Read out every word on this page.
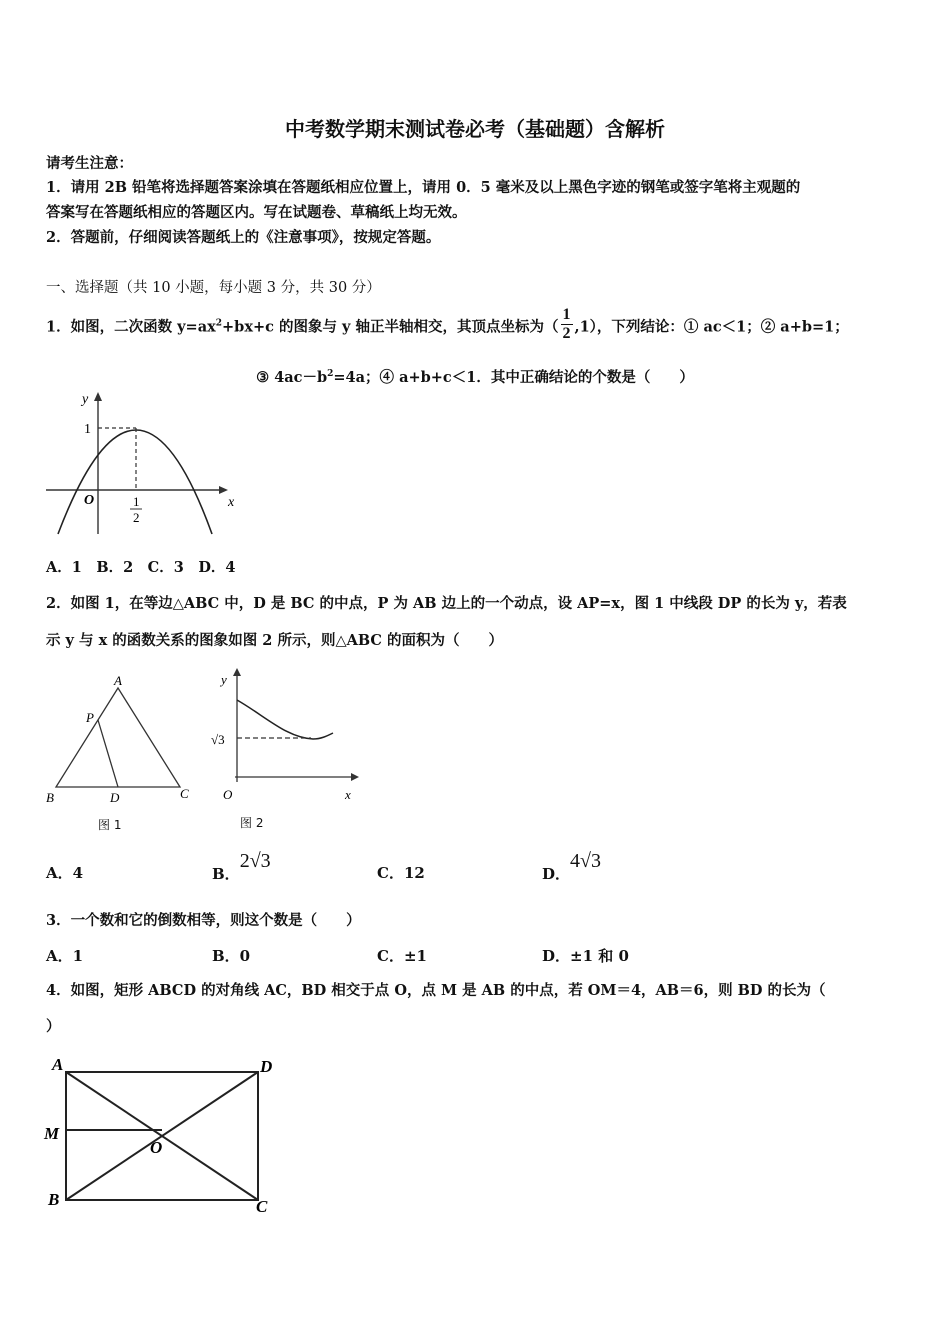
中考数学期末测试卷必考（基础题）含解析
请考生注意：
1．请用 2B 铅笔将选择题答案涂填在答题纸相应位置上，请用 0．5 毫米及以上黑色字迹的钢笔或签字笔将主观题的
答案写在答题纸相应的答题区内。写在试题卷、草稿纸上均无效。
2．答题前，仔细阅读答题纸上的《注意事项》，按规定答题。
一、选择题（共 10 小题，每小题 3 分，共 30 分）
1．如图，二次函数 $y=ax^2+bx+c$ 的图象与 y 轴正半轴相交，其顶点坐标为（ $\frac{1}{2} ,1$），下列结论：① ac＜1；② a+b=1；
③ $4ac-b^2=4a$；④ a+b+c＜1．其中正确结论的个数是（　　）
y
1
O	x
1
2
A．1　B．2　C．3　D．4
2．如图 1，在等边△ABC 中，D 是 BC 的中点，P 为 AB 边上的一个动点，设 AP=x，图 1 中线段 DP 的长为 y，若表
示 y 与 x 的函数关系的图象如图 2 所示，则△ABC 的面积为（　　）
A
P
B	D	C
图 1
y
√3
O	x
图 2
A．4	B．2√3
C．12	D．4√3
3．一个数和它的倒数相等，则这个数是（　　）
A．1	B．0	C．±1	D．±1 和 0
4．如图，矩形 ABCD 的对角线 AC，BD 相交于点 O，点 M 是 AB 的中点，若 OM＝4，AB＝6，则 BD 的长为（
）
A	D
M
O
B	C
